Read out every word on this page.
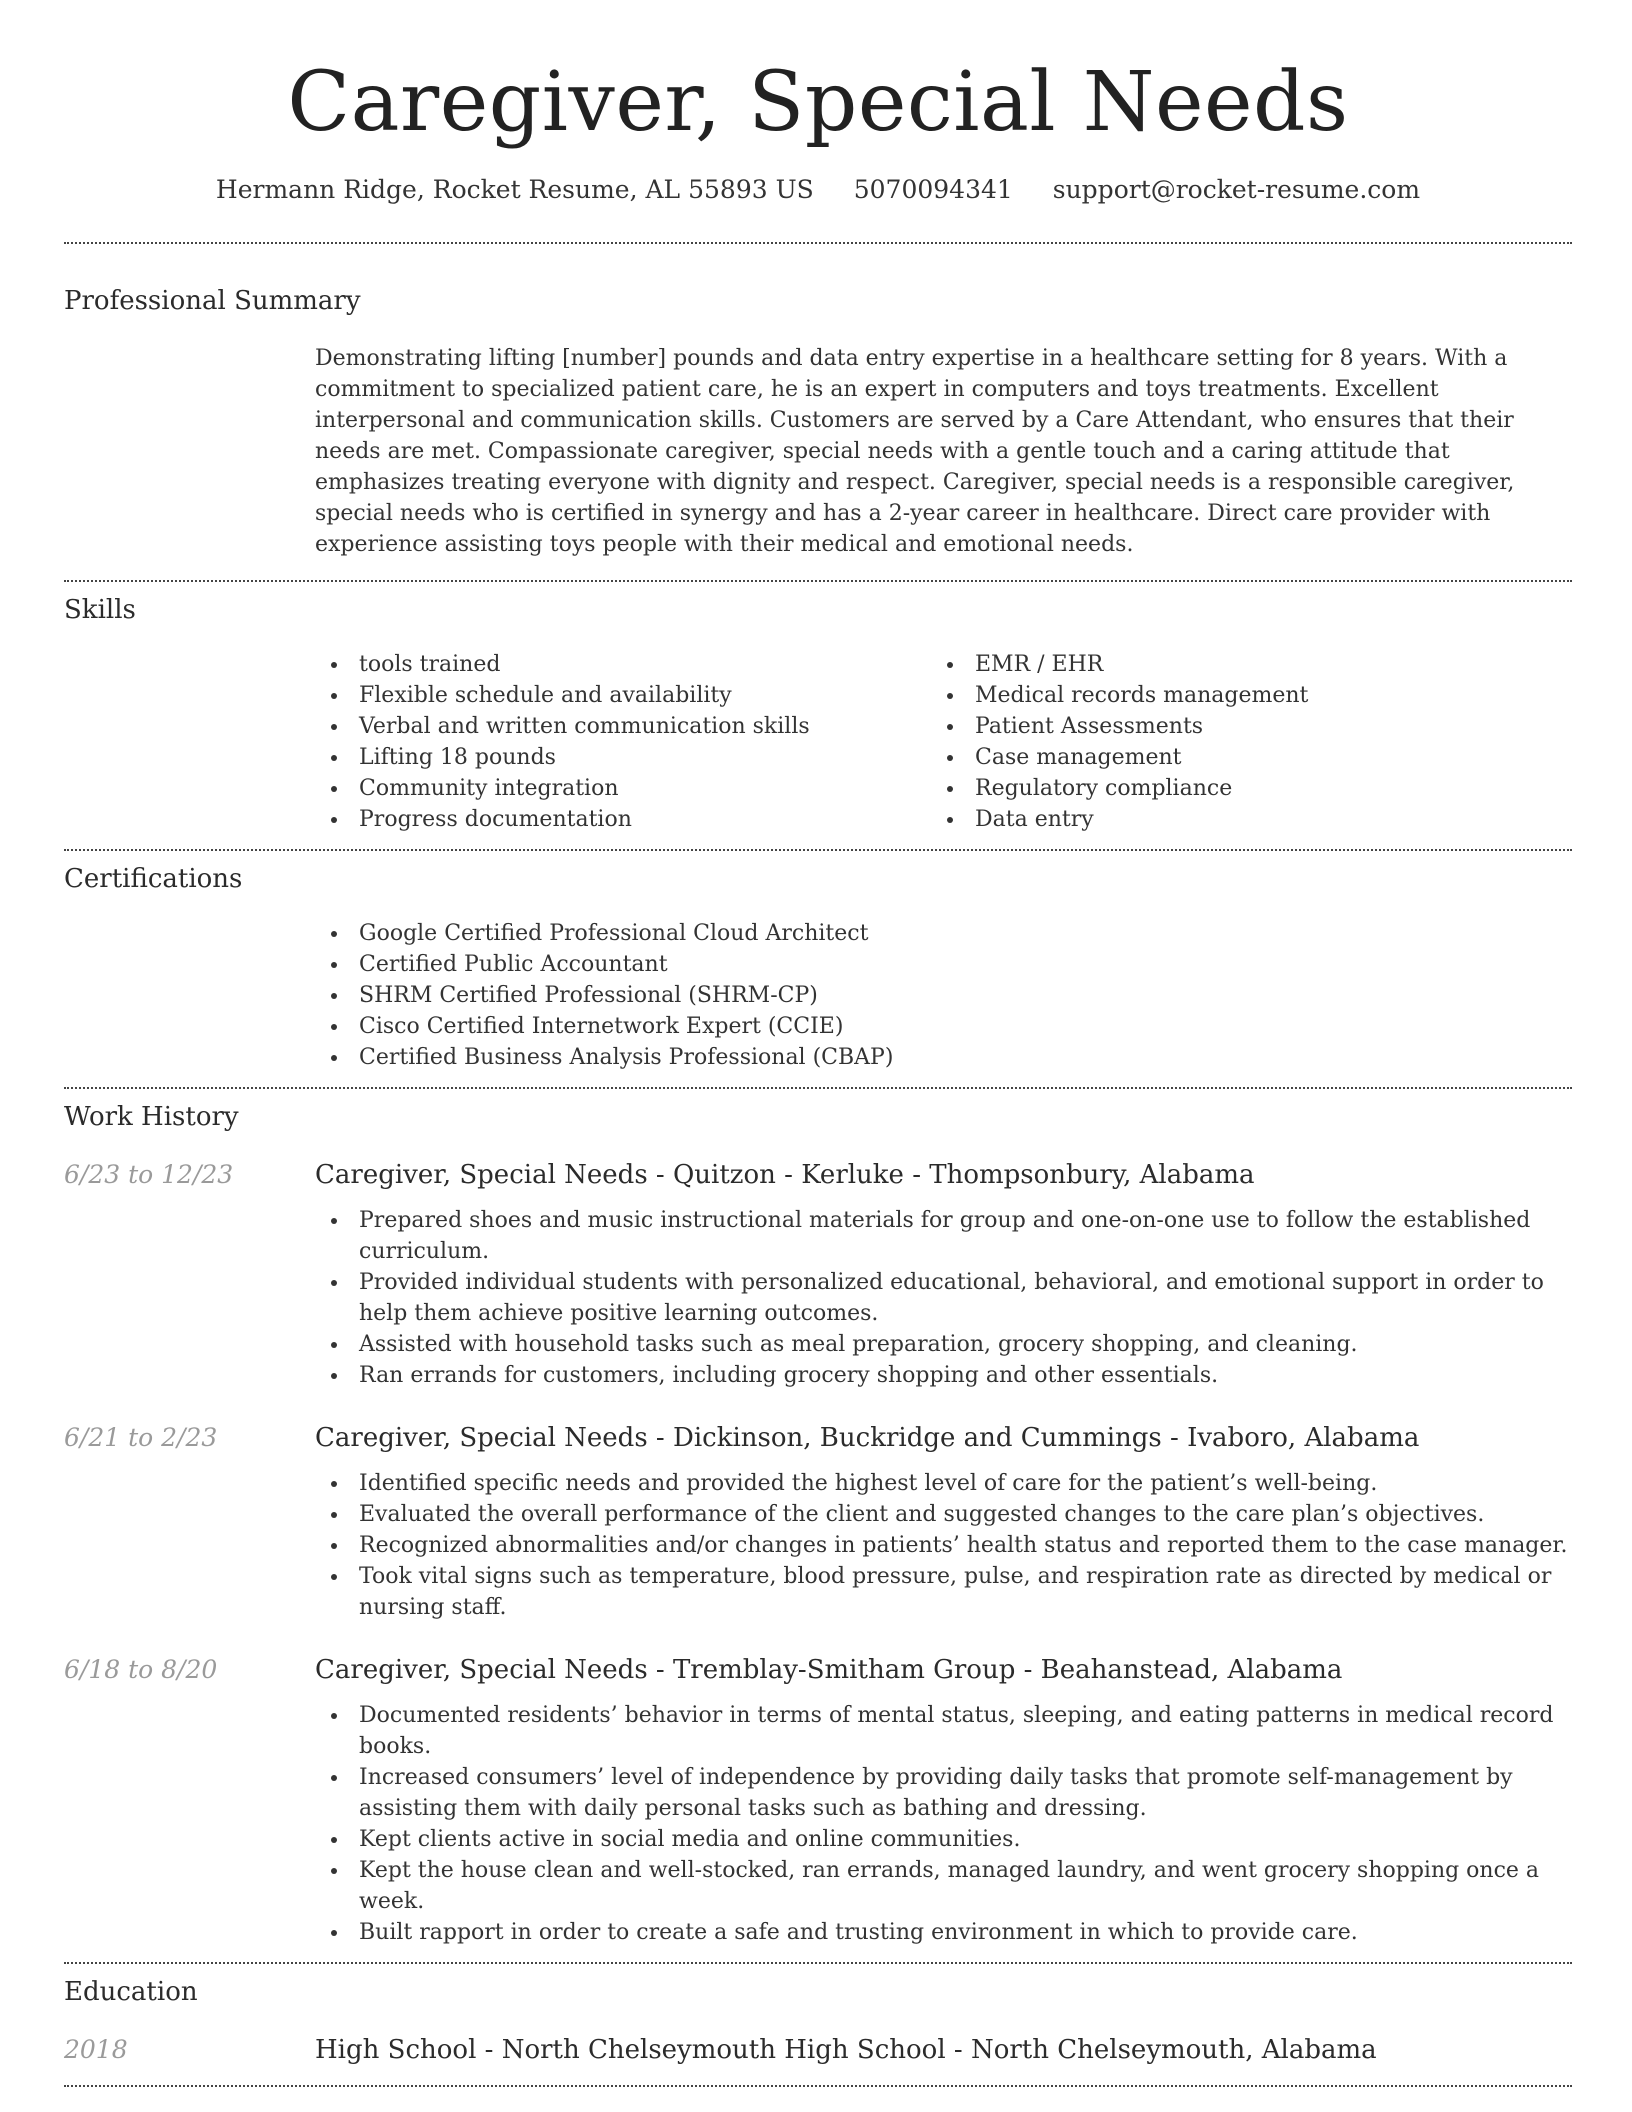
Caregiver, Special Needs
Hermann Ridge, Rocket Resume, AL 55893 US 5070094341 support@rocket-resume.com
Professional Summary

Demonstrating lifting [number] pounds and data entry expertise in a healthcare setting for 8 years. With a commitment to specialized patient care, he is an expert in computers and toys treatments. Excellent interpersonal and communication skills. Customers are served by a Care Attendant, who ensures that their needs are met. Compassionate caregiver, special needs with a gentle touch and a caring attitude that emphasizes treating everyone with dignity and respect. Caregiver, special needs is a responsible caregiver, special needs who is certified in synergy and has a 2-year career in healthcare. Direct care provider with experience assisting toys people with their medical and emotional needs.

Skills
tools trained
Flexible schedule and availability
Verbal and written communication skills
Lifting 18 pounds
Community integration
Progress documentation
EMR / EHR
Medical records management
Patient Assessments
Case management
Regulatory compliance
Data entry
Certifications
Google Certified Professional Cloud Architect
Certified Public Accountant
SHRM Certified Professional (SHRM-CP)
Cisco Certified Internetwork Expert (CCIE)
Certified Business Analysis Professional (CBAP)
Work History
6/23 to 12/23	Caregiver, Special Needs - Quitzon - Kerluke - Thompsonbury, Alabama
Prepared shoes and music instructional materials for group and one-on-one use to follow the established curriculum.
Provided individual students with personalized educational, behavioral, and emotional support in order to help them achieve positive learning outcomes.
Assisted with household tasks such as meal preparation, grocery shopping, and cleaning.
Ran errands for customers, including grocery shopping and other essentials.
6/21 to 2/23	Caregiver, Special Needs - Dickinson, Buckridge and Cummings - Ivaboro, Alabama
Identified specific needs and provided the highest level of care for the patient’s well-being.
Evaluated the overall performance of the client and suggested changes to the care plan’s objectives.
Recognized abnormalities and/or changes in patients’ health status and reported them to the case manager.
Took vital signs such as temperature, blood pressure, pulse, and respiration rate as directed by medical or nursing staff.
6/18 to 8/20	Caregiver, Special Needs - Tremblay-Smitham Group - Beahanstead, Alabama
Documented residents’ behavior in terms of mental status, sleeping, and eating patterns in medical record books.
Increased consumers’ level of independence by providing daily tasks that promote self-management by assisting them with daily personal tasks such as bathing and dressing.
Kept clients active in social media and online communities.
Kept the house clean and well-stocked, ran errands, managed laundry, and went grocery shopping once a week.
Built rapport in order to create a safe and trusting environment in which to provide care.
Education
2018	High School - North Chelseymouth High School - North Chelseymouth, Alabama
